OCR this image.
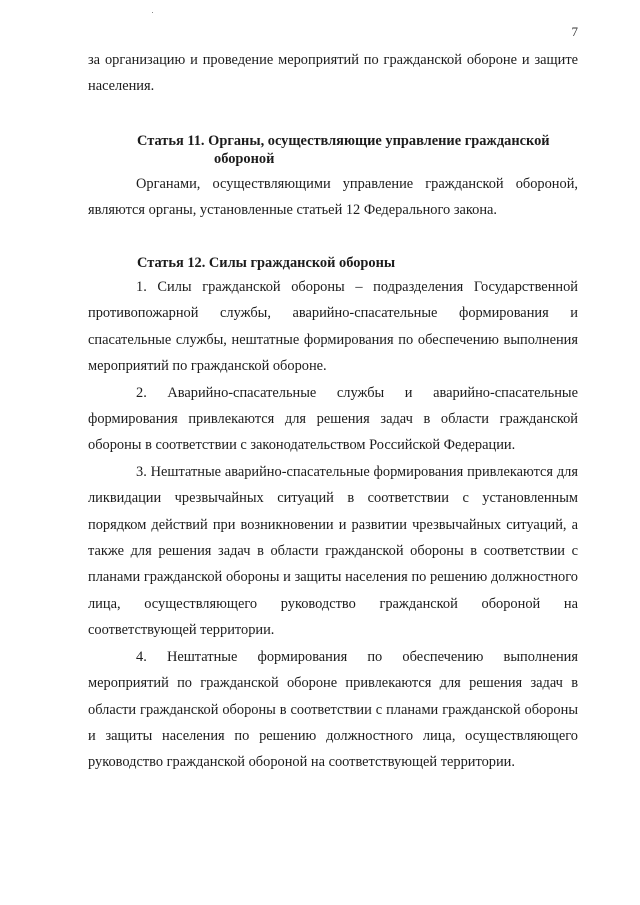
7

за организацию и проведение мероприятий по гражданской обороне и защите населения.

Статья 11. Органы, осуществляющие управление гражданской
обороной

Органами, осуществляющими управление гражданской обороной, являются органы, установленные статьей 12 Федерального закона.

Статья 12. Силы гражданской обороны

1. Силы гражданской обороны – подразделения Государственной противопожарной службы, аварийно-спасательные формирования и спасательные службы, нештатные формирования по обеспечению выполнения мероприятий по гражданской обороне.

2. Аварийно-спасательные службы и аварийно-спасательные формирования привлекаются для решения задач в области гражданской обороны в соответствии с законодательством Российской Федерации.

3. Нештатные аварийно-спасательные формирования привлекаются для ликвидации чрезвычайных ситуаций в соответствии с установленным порядком действий при возникновении и развитии чрезвычайных ситуаций, а также для решения задач в области гражданской обороны в соответствии с планами гражданской обороны и защиты населения по решению должностного лица, осуществляющего руководство гражданской обороной на соответствующей территории.

4. Нештатные формирования по обеспечению выполнения мероприятий по гражданской обороне привлекаются для решения задач в области гражданской обороны в соответствии с планами гражданской обороны и защиты населения по решению должностного лица, осуществляющего руководство гражданской обороной на соответствующей территории.
